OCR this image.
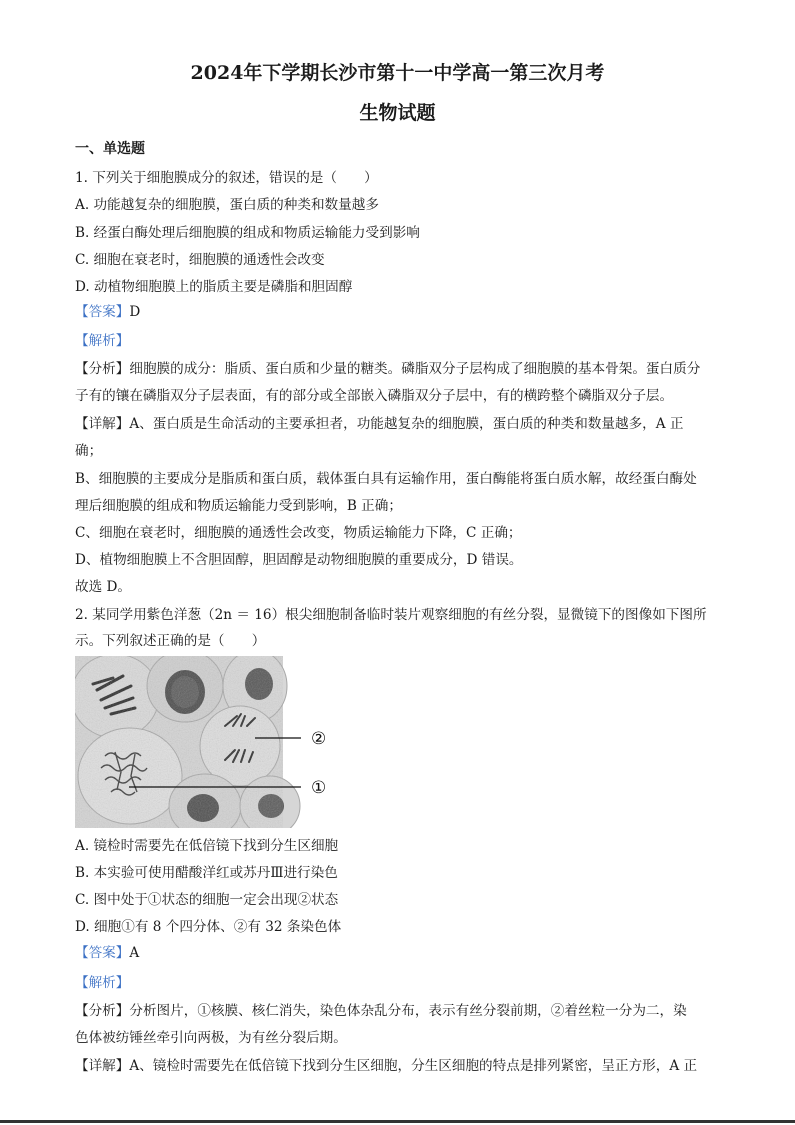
2024年下学期长沙市第十一中学高一第三次月考
生物试题
一、单选题
1. 下列关于细胞膜成分的叙述，错误的是（　　）
A. 功能越复杂的细胞膜，蛋白质的种类和数量越多
B. 经蛋白酶处理后细胞膜的组成和物质运输能力受到影响
C. 细胞在衰老时，细胞膜的通透性会改变
D. 动植物细胞膜上的脂质主要是磷脂和胆固醇
【答案】D
【解析】
【分析】细胞膜的成分：脂质、蛋白质和少量的糖类。磷脂双分子层构成了细胞膜的基本骨架。蛋白质分
子有的镶在磷脂双分子层表面，有的部分或全部嵌入磷脂双分子层中，有的横跨整个磷脂双分子层。
【详解】A、蛋白质是生命活动的主要承担者，功能越复杂的细胞膜，蛋白质的种类和数量越多，A 正
确；
B、细胞膜的主要成分是脂质和蛋白质，载体蛋白具有运输作用，蛋白酶能将蛋白质水解，故经蛋白酶处
理后细胞膜的组成和物质运输能力受到影响，B 正确；
C、细胞在衰老时，细胞膜的通透性会改变，物质运输能力下降，C 正确；
D、植物细胞膜上不含胆固醇，胆固醇是动物细胞膜的重要成分，D 错误。
故选 D。
2. 某同学用紫色洋葱（2n ＝ 16）根尖细胞制备临时装片观察细胞的有丝分裂，显微镜下的图像如下图所
示。下列叙述正确的是（　　）
②
①
A. 镜检时需要先在低倍镜下找到分生区细胞
B. 本实验可使用醋酸洋红或苏丹Ⅲ进行染色
C. 图中处于①状态的细胞一定会出现②状态
D. 细胞①有 8 个四分体、②有 32 条染色体
【答案】A
【解析】
【分析】分析图片，①核膜、核仁消失，染色体杂乱分布，表示有丝分裂前期，②着丝粒一分为二，染
色体被纺锤丝牵引向两极，为有丝分裂后期。
【详解】A、镜检时需要先在低倍镜下找到分生区细胞，分生区细胞的特点是排列紧密，呈正方形，A 正
